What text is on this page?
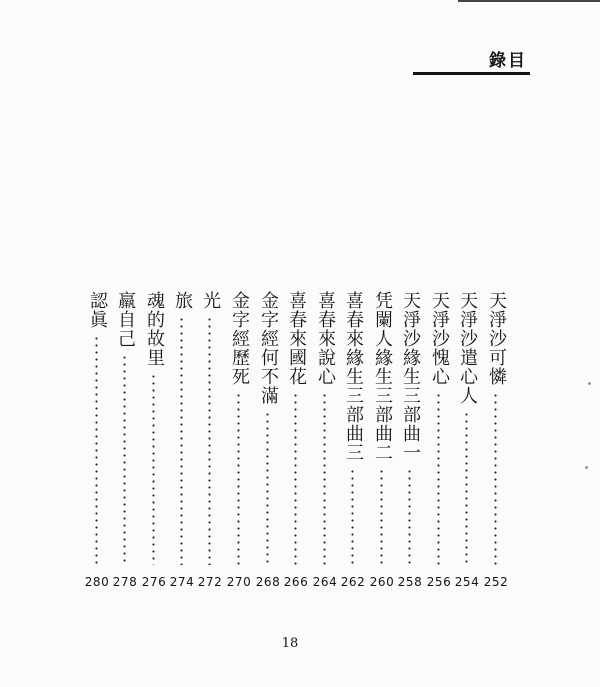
錄目
天淨沙可憐
252
天淨沙遣心人
254
天淨沙愧心
256
天淨沙緣生三部曲一
258
凭闌人緣生三部曲二
260
喜春來緣生三部曲三
262
喜春來說心
264
喜春來國花
266
金字經何不滿
268
金字經歷死
270
光
272
旅
274
魂的故里
276
羸自己
278
認眞
280
18
